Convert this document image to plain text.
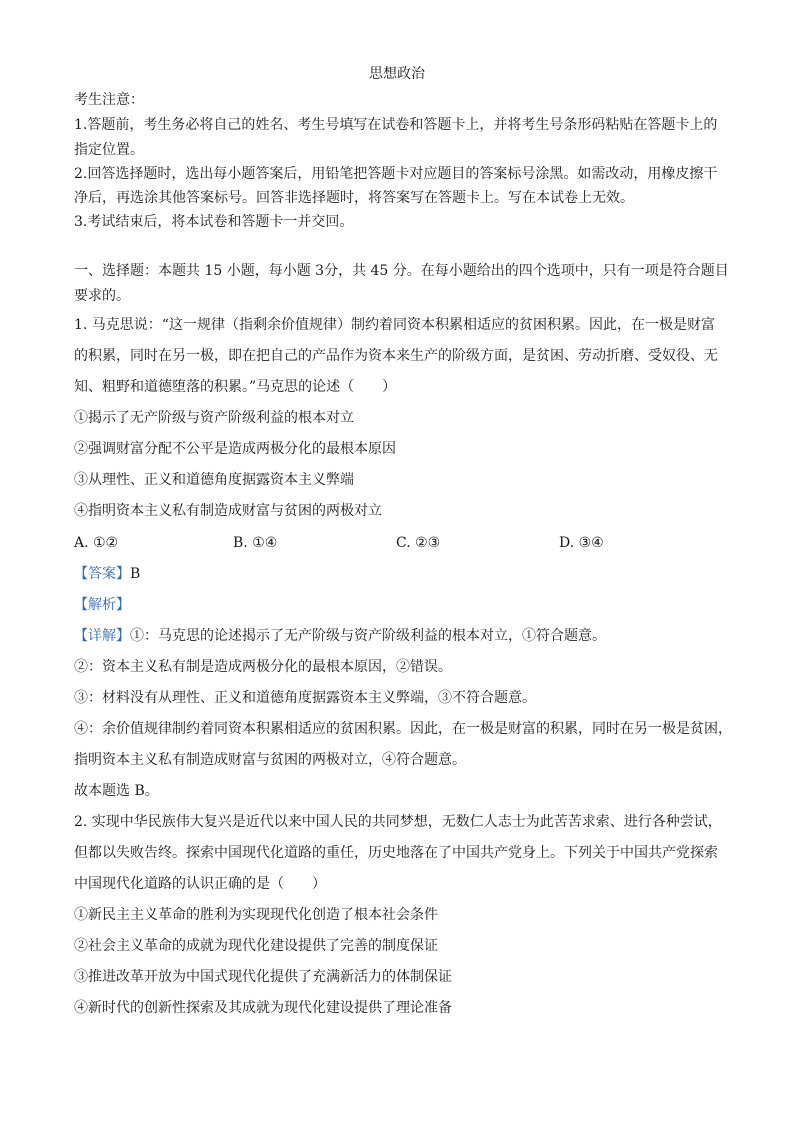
思想政治
考生注意：
1.答题前，考生务必将自己的姓名、考生号填写在试卷和答题卡上，并将考生号条形码粘贴在答题卡上的
指定位置。
2.回答选择题时，选出每小题答案后，用铅笔把答题卡对应题目的答案标号涂黑。如需改动，用橡皮擦干
净后，再选涂其他答案标号。回答非选择题时，将答案写在答题卡上。写在本试卷上无效。
3.考试结束后，将本试卷和答题卡一并交回。
一、选择题：本题共 15 小题，每小题 3分，共 45 分。在每小题给出的四个选项中，只有一项是符合题目
要求的。
1. 马克思说：“这一规律（指剩余价值规律）制约着同资本积累相适应的贫困积累。因此，在一极是财富
的积累，同时在另一极，即在把自己的产品作为资本来生产的阶级方面，是贫困、劳动折磨、受奴役、无
知、粗野和道德堕落的积累。”马克思的论述（　　）
①揭示了无产阶级与资产阶级利益的根本对立
②强调财富分配不公平是造成两极分化的最根本原因
③从理性、正义和道德角度据露资本主义弊端
④指明资本主义私有制造成财富与贫困的两极对立
A. ①②	B. ①④	C. ②③	D. ③④
【答案】B
【解析】
【详解】①：马克思的论述揭示了无产阶级与资产阶级利益的根本对立，①符合题意。
②：资本主义私有制是造成两极分化的最根本原因，②错误。
③：材料没有从理性、正义和道德角度据露资本主义弊端，③不符合题意。
④：余价值规律制约着同资本积累相适应的贫困积累。因此，在一极是财富的积累，同时在另一极是贫困，
指明资本主义私有制造成财富与贫困的两极对立，④符合题意。
故本题选 B。
2. 实现中华民族伟大复兴是近代以来中国人民的共同梦想，无数仁人志士为此苦苦求索、进行各种尝试，
但都以失败告终。探索中国现代化道路的重任，历史地落在了中国共产党身上。下列关于中国共产党探索
中国现代化道路的认识正确的是（　　）
①新民主主义革命的胜利为实现现代化创造了根本社会条件
②社会主义革命的成就为现代化建设提供了完善的制度保证
③推进改革开放为中国式现代化提供了充满新活力的体制保证
④新时代的创新性探索及其成就为现代化建设提供了理论准备
